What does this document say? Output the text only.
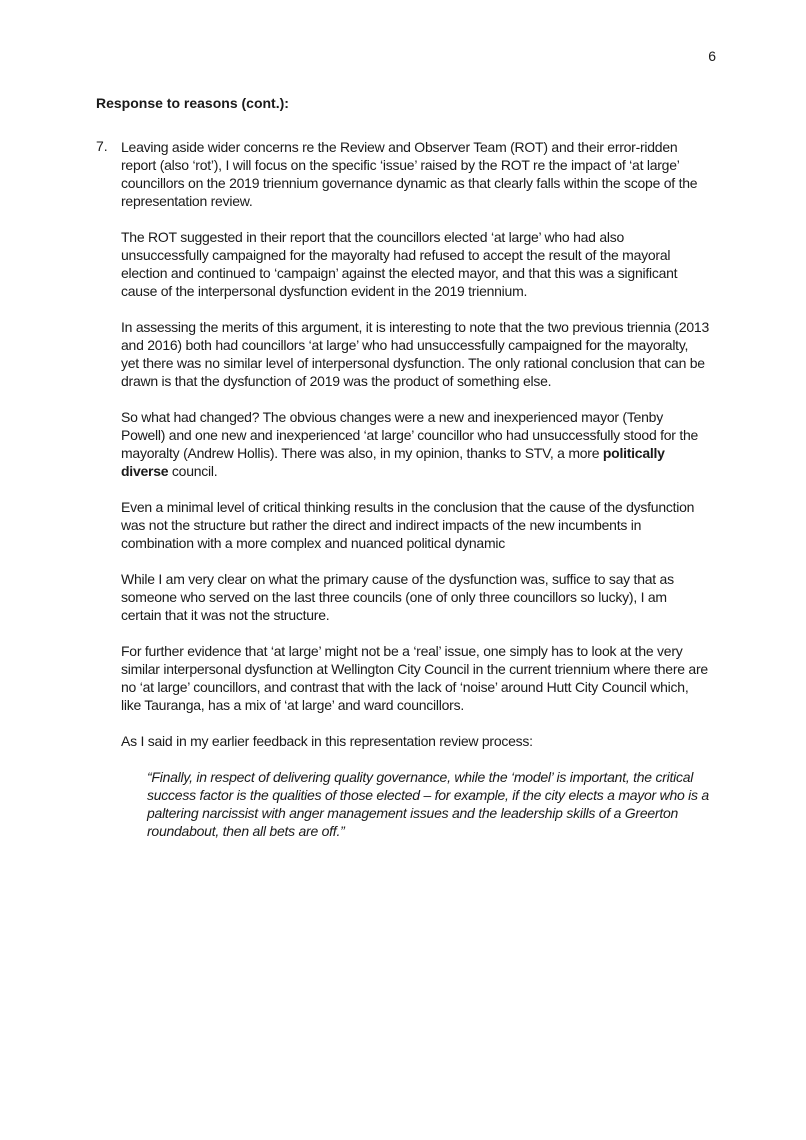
6
Response to reasons (cont.):
7. Leaving aside wider concerns re the Review and Observer Team (ROT) and their error-ridden report (also ‘rot’), I will focus on the specific ‘issue’ raised by the ROT re the impact of ‘at large’ councillors on the 2019 triennium governance dynamic as that clearly falls within the scope of the representation review.

The ROT suggested in their report that the councillors elected ‘at large’ who had also unsuccessfully campaigned for the mayoralty had refused to accept the result of the mayoral election and continued to ‘campaign’ against the elected mayor, and that this was a significant cause of the interpersonal dysfunction evident in the 2019 triennium.

In assessing the merits of this argument, it is interesting to note that the two previous triennia (2013 and 2016) both had councillors ‘at large’ who had unsuccessfully campaigned for the mayoralty, yet there was no similar level of interpersonal dysfunction. The only rational conclusion that can be drawn is that the dysfunction of 2019 was the product of something else.

So what had changed? The obvious changes were a new and inexperienced mayor (Tenby Powell) and one new and inexperienced ‘at large’ councillor who had unsuccessfully stood for the mayoralty (Andrew Hollis). There was also, in my opinion, thanks to STV, a more politically diverse council.

Even a minimal level of critical thinking results in the conclusion that the cause of the dysfunction was not the structure but rather the direct and indirect impacts of the new incumbents in combination with a more complex and nuanced political dynamic

While I am very clear on what the primary cause of the dysfunction was, suffice to say that as someone who served on the last three councils (one of only three councillors so lucky), I am certain that it was not the structure.

For further evidence that ‘at large’ might not be a ‘real’ issue, one simply has to look at the very similar interpersonal dysfunction at Wellington City Council in the current triennium where there are no ‘at large’ councillors, and contrast that with the lack of ‘noise’ around Hutt City Council which, like Tauranga, has a mix of ‘at large’ and ward councillors.

As I said in my earlier feedback in this representation review process:

“Finally, in respect of delivering quality governance, while the ‘model’ is important, the critical success factor is the qualities of those elected – for example, if the city elects a mayor who is a paltering narcissist with anger management issues and the leadership skills of a Greerton roundabout, then all bets are off.”
